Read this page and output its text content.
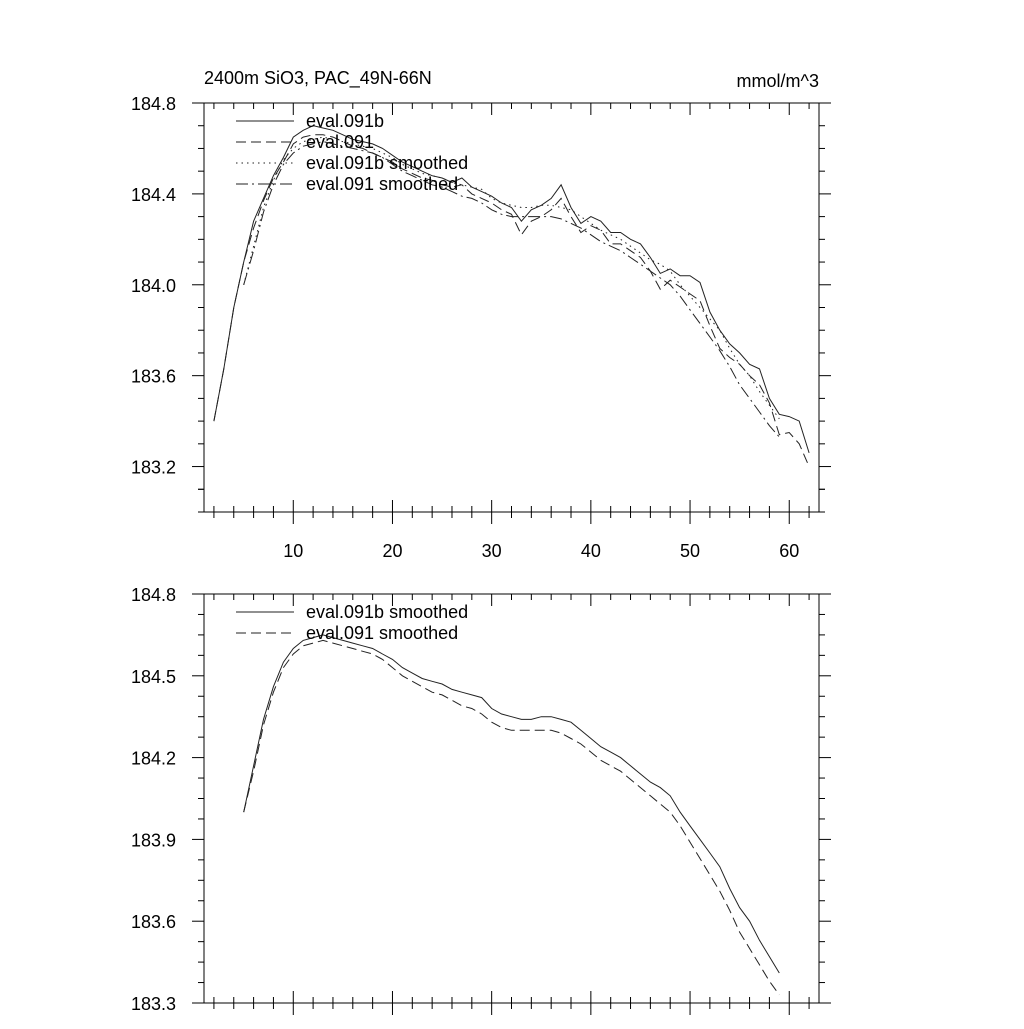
2400m SiO3, PAC_49N-66N	mmol/m^3
10	20	30	40	50	60
183.2
183.6
184.0
184.4
184.8
eval.091b
eval.091
eval.091b smoothed
eval.091 smoothed
183.3
183.6
183.9
184.2
184.5
184.8
eval.091b smoothed
eval.091 smoothed
